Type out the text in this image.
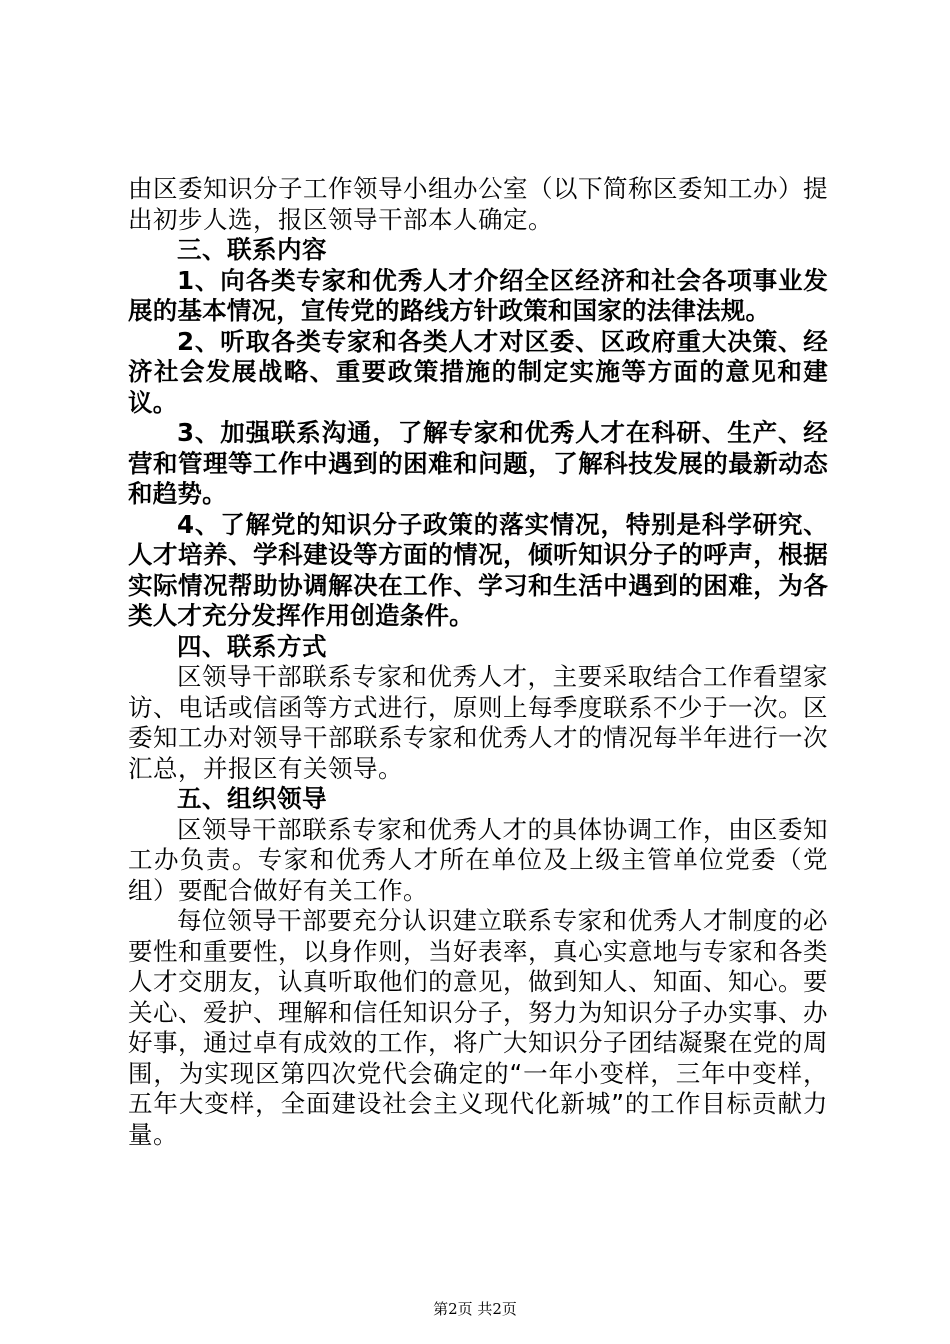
由区委知识分子工作领导小组办公室（以下简称区委知工办）提出初步人选，报区领导干部本人确定。

三、联系内容

1、向各类专家和优秀人才介绍全区经济和社会各项事业发展的基本情况，宣传党的路线方针政策和国家的法律法规。

2、听取各类专家和各类人才对区委、区政府重大决策、经济社会发展战略、重要政策措施的制定实施等方面的意见和建议。

3、加强联系沟通，了解专家和优秀人才在科研、生产、经营和管理等工作中遇到的困难和问题，了解科技发展的最新动态和趋势。

4、了解党的知识分子政策的落实情况，特别是科学研究、人才培养、学科建设等方面的情况，倾听知识分子的呼声，根据实际情况帮助协调解决在工作、学习和生活中遇到的困难，为各类人才充分发挥作用创造条件。

四、联系方式

区领导干部联系专家和优秀人才，主要采取结合工作看望家访、电话或信函等方式进行，原则上每季度联系不少于一次。区委知工办对领导干部联系专家和优秀人才的情况每半年进行一次汇总，并报区有关领导。

五、组织领导

区领导干部联系专家和优秀人才的具体协调工作，由区委知工办负责。专家和优秀人才所在单位及上级主管单位党委（党组）要配合做好有关工作。

每位领导干部要充分认识建立联系专家和优秀人才制度的必要性和重要性，以身作则，当好表率，真心实意地与专家和各类人才交朋友，认真听取他们的意见，做到知人、知面、知心。要关心、爱护、理解和信任知识分子，努力为知识分子办实事、办好事，通过卓有成效的工作，将广大知识分子团结凝聚在党的周围，为实现区第四次党代会确定的“一年小变样，三年中变样，五年大变样，全面建设社会主义现代化新城”的工作目标贡献力量。

第2页 共2页
